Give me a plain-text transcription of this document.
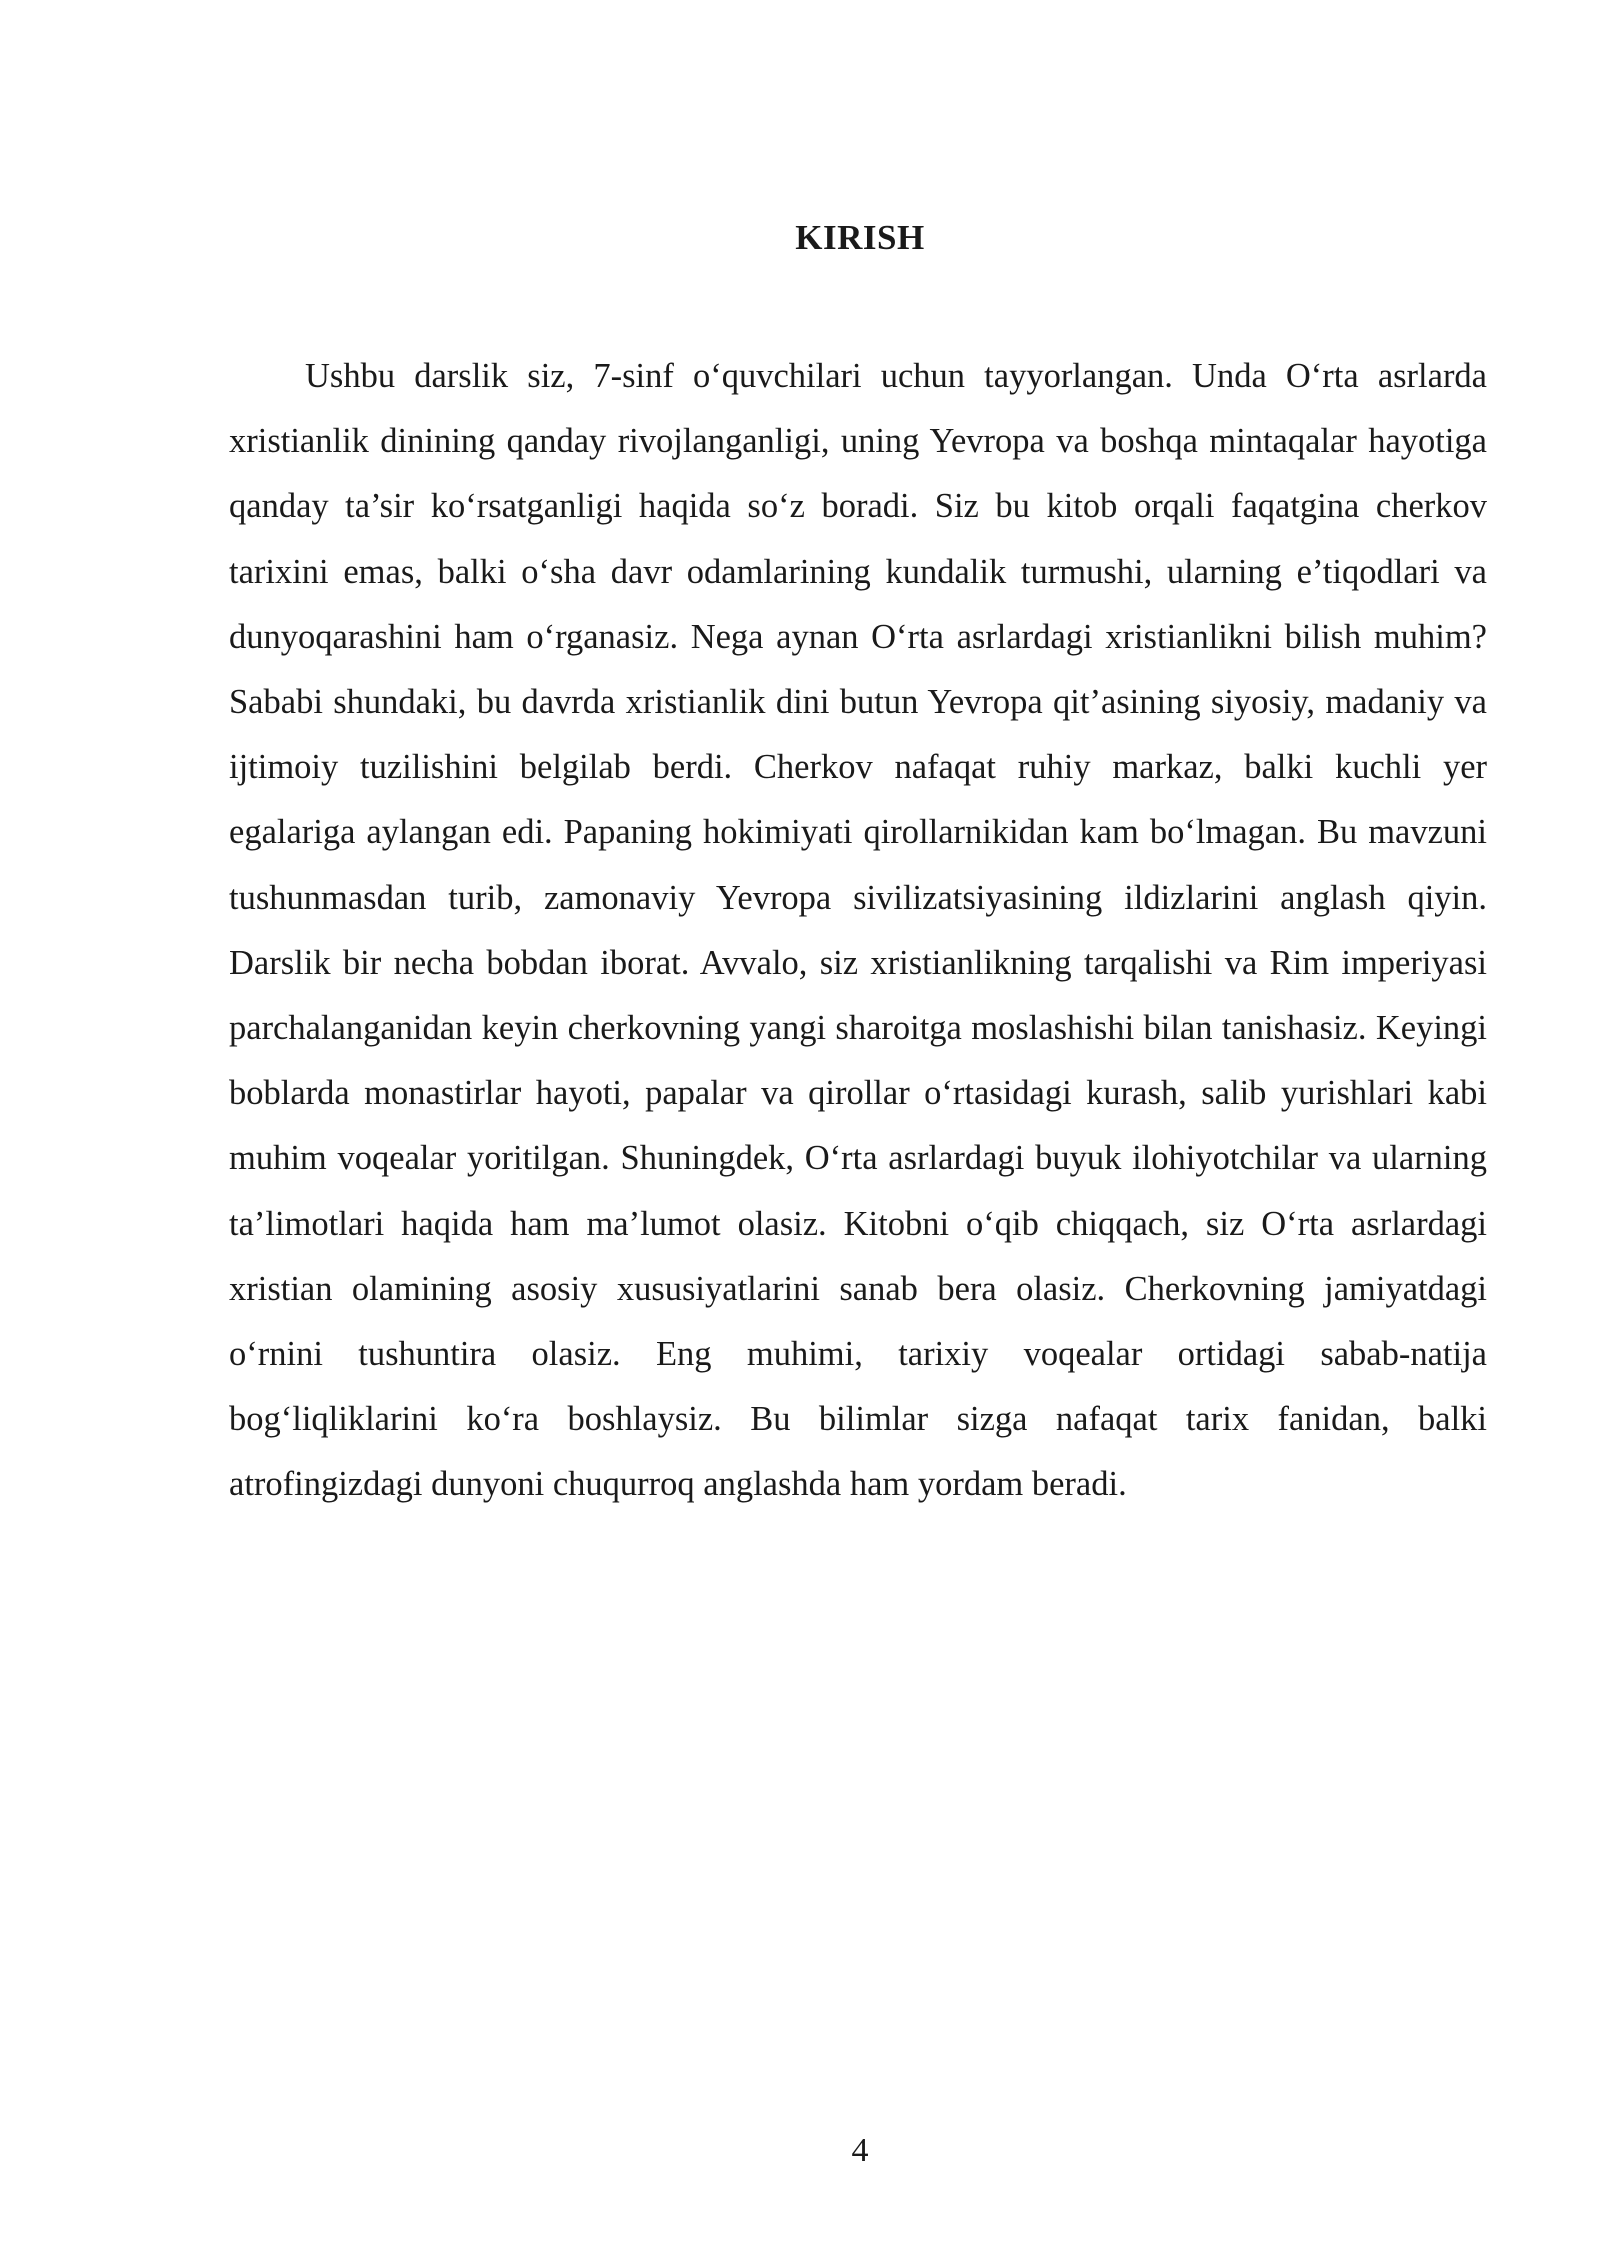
KIRISH

Ushbu darslik siz, 7-sinf o‘quvchilari uchun tayyorlangan. Unda O‘rta asrlarda xristianlik dinining qanday rivojlanganligi, uning Yevropa va boshqa mintaqalar hayotiga qanday ta’sir ko‘rsatganligi haqida so‘z boradi. Siz bu kitob orqali faqatgina cherkov tarixini emas, balki o‘sha davr odamlarining kundalik turmushi, ularning e’tiqodlari va dunyoqarashini ham o‘rganasiz. Nega aynan O‘rta asrlardagi xristianlikni bilish muhim? Sababi shundaki, bu davrda xristianlik dini butun Yevropa qit’asining siyosiy, madaniy va ijtimoiy tuzilishini belgilab berdi. Cherkov nafaqat ruhiy markaz, balki kuchli yer egalariga aylangan edi. Papaning hokimiyati qirollarnikidan kam bo‘lmagan. Bu mavzuni tushunmasdan turib, zamonaviy Yevropa sivilizatsiyasining ildizlarini anglash qiyin. Darslik bir necha bobdan iborat. Avvalo, siz xristianlikning tarqalishi va Rim imperiyasi parchalanganidan keyin cherkovning yangi sharoitga moslashishi bilan tanishasiz. Keyingi boblarda monastirlar hayoti, papalar va qirollar o‘rtasidagi kurash, salib yurishlari kabi muhim voqealar yoritilgan. Shuningdek, O‘rta asrlardagi buyuk ilohiyotchilar va ularning ta’limotlari haqida ham ma’lumot olasiz. Kitobni o‘qib chiqqach, siz O‘rta asrlardagi xristian olamining asosiy xususiyatlarini sanab bera olasiz. Cherkovning jamiyatdagi o‘rnini tushuntira olasiz. Eng muhimi, tarixiy voqealar ortidagi sabab-natija bog‘liqliklarini ko‘ra boshlaysiz. Bu bilimlar sizga nafaqat tarix fanidan, balki atrofingizdagi dunyoni chuqurroq anglashda ham yordam beradi.

4
